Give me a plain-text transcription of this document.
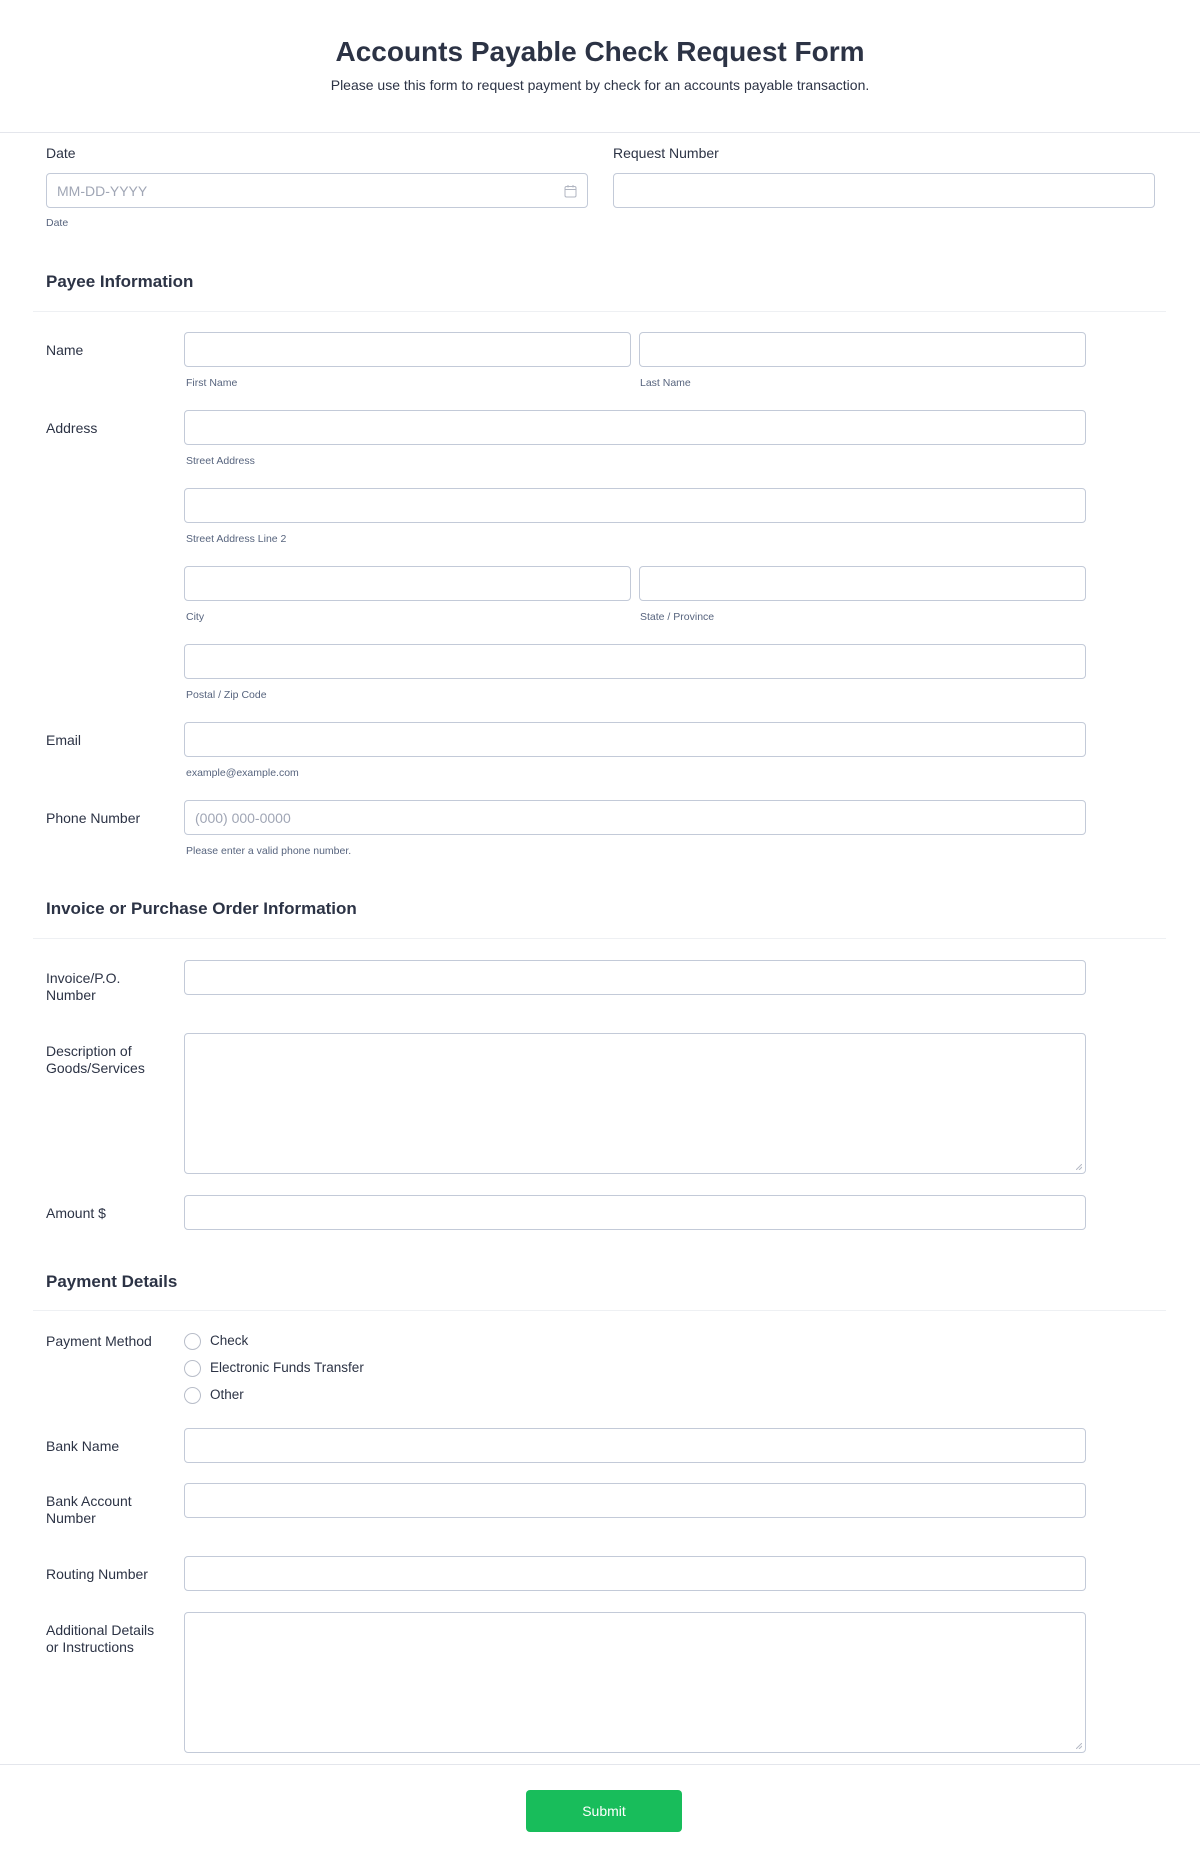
Accounts Payable Check Request Form
Please use this form to request payment by check for an accounts payable transaction.
Date
MM-DD-YYYY
Date
Request Number
Payee Information
Name
First Name	Last Name
Address
Street Address
Street Address Line 2
City	State / Province
Postal / Zip Code
Email
example@example.com
Phone Number	(000) 000-0000
Please enter a valid phone number.
Invoice or Purchase Order Information
Invoice/P.O.
Number
Description of
Goods/Services
Amount $
Payment Details
Payment Method	Check
Electronic Funds Transfer
Other
Bank Name
Bank Account
Number
Routing Number
Additional Details
or Instructions
Submit
